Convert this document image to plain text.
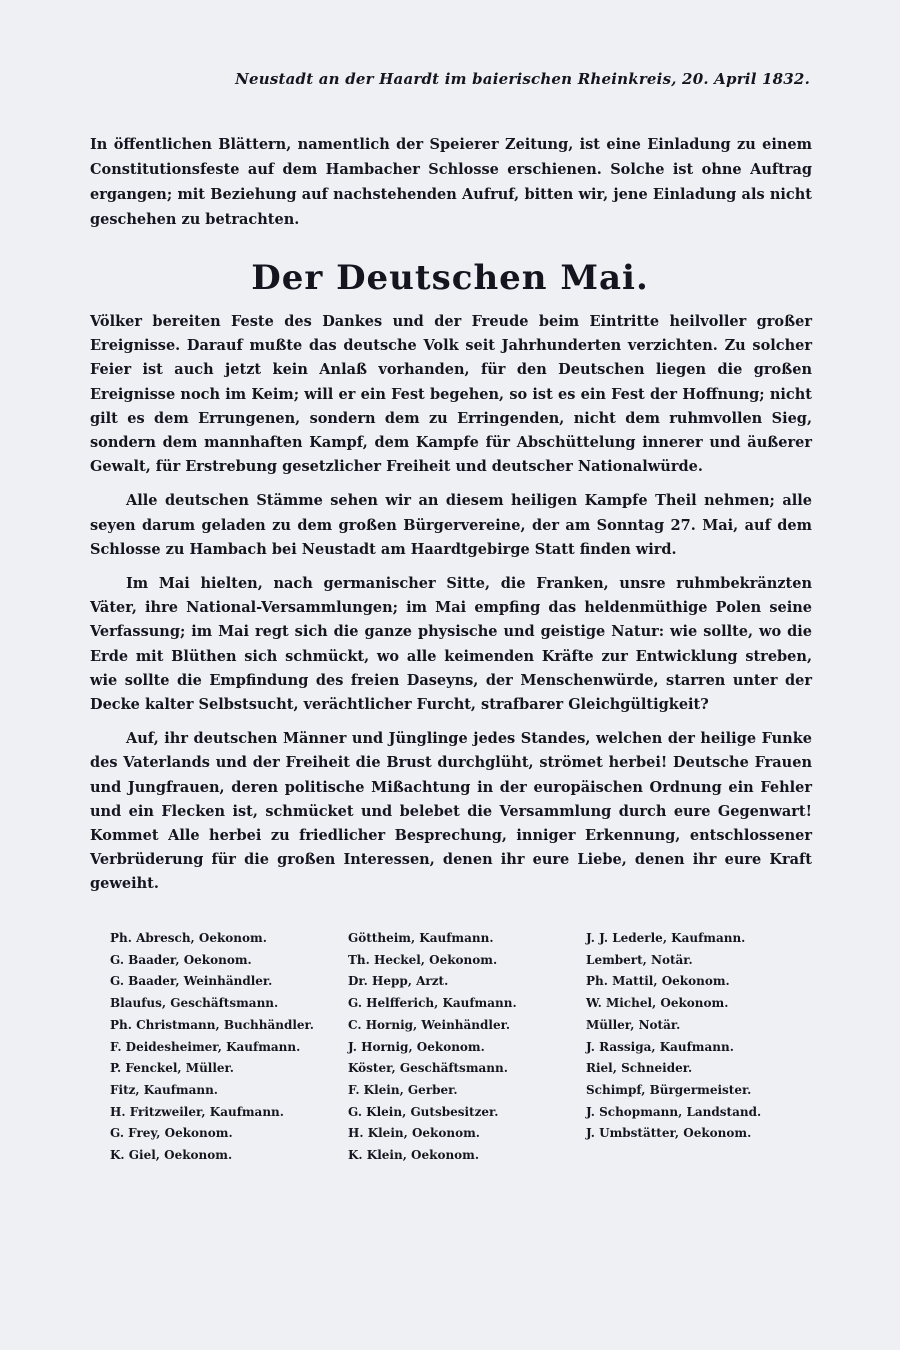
Neustadt an der Haardt im baierischen Rheinkreis, 20. April 1832.
In öffentlichen Blättern, namentlich der Speierer Zeitung, ist eine Einladung zu einem Constitutionsfeste auf dem Hambacher Schlosse erschienen. Solche ist ohne Auftrag ergangen; mit Beziehung auf nachstehenden Aufruf, bitten wir, jene Einladung als nicht geschehen zu betrachten.
Der Deutschen Mai.

Völker bereiten Feste des Dankes und der Freude beim Eintritte heilvoller großer Ereignisse. Darauf mußte das deutsche Volk seit Jahrhunderten verzichten. Zu solcher Feier ist auch jetzt kein Anlaß vorhanden, für den Deutschen liegen die großen Ereignisse noch im Keim; will er ein Fest begehen, so ist es ein Fest der Hoffnung; nicht gilt es dem Errungenen, sondern dem zu Erringenden, nicht dem ruhmvollen Sieg, sondern dem mannhaften Kampf, dem Kampfe für Abschüttelung innerer und äußerer Gewalt, für Erstrebung gesetzlicher Freiheit und deutscher Nationalwürde.

Alle deutschen Stämme sehen wir an diesem heiligen Kampfe Theil nehmen; alle seyen darum geladen zu dem großen Bürgervereine, der am Sonntag 27. Mai, auf dem Schlosse zu Hambach bei Neustadt am Haardtgebirge Statt finden wird.

Im Mai hielten, nach germanischer Sitte, die Franken, unsre ruhmbekränzten Väter, ihre National-Versammlungen; im Mai empfing das heldenmüthige Polen seine Verfassung; im Mai regt sich die ganze physische und geistige Natur: wie sollte, wo die Erde mit Blüthen sich schmückt, wo alle keimenden Kräfte zur Entwicklung streben, wie sollte die Empfindung des freien Daseyns, der Menschenwürde, starren unter der Decke kalter Selbstsucht, verächtlicher Furcht, strafbarer Gleichgültigkeit?

Auf, ihr deutschen Männer und Jünglinge jedes Standes, welchen der heilige Funke des Vaterlands und der Freiheit die Brust durchglüht, strömet herbei! Deutsche Frauen und Jungfrauen, deren politische Mißachtung in der europäischen Ordnung ein Fehler und ein Flecken ist, schmücket und belebet die Versammlung durch eure Gegenwart! Kommet Alle herbei zu friedlicher Besprechung, inniger Erkennung, entschlossener Verbrüderung für die großen Interessen, denen ihr eure Liebe, denen ihr eure Kraft geweiht.

Ph. Abresch, Oekonom.
G. Baader, Oekonom.
G. Baader, Weinhändler.
Blaufus, Geschäftsmann.
Ph. Christmann, Buchhändler.
F. Deidesheimer, Kaufmann.
P. Fenckel, Müller.
Fitz, Kaufmann.
H. Fritzweiler, Kaufmann.
G. Frey, Oekonom.
K. Giel, Oekonom.
Göttheim, Kaufmann.
Th. Heckel, Oekonom.
Dr. Hepp, Arzt.
G. Helfferich, Kaufmann.
C. Hornig, Weinhändler.
J. Hornig, Oekonom.
Köster, Geschäftsmann.
F. Klein, Gerber.
G. Klein, Gutsbesitzer.
H. Klein, Oekonom.
K. Klein, Oekonom.
J. J. Lederle, Kaufmann.
Lembert, Notär.
Ph. Mattil, Oekonom.
W. Michel, Oekonom.
Müller, Notär.
J. Rassiga, Kaufmann.
Riel, Schneider.
Schimpf, Bürgermeister.
J. Schopmann, Landstand.
J. Umbstätter, Oekonom.
